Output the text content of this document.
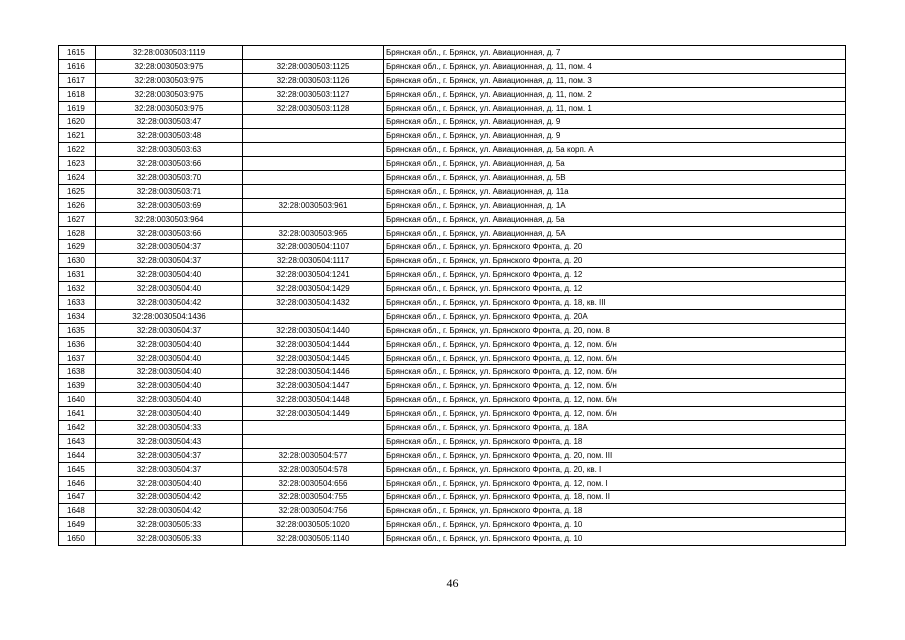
1615	32:28:0030503:1119		Брянская обл., г. Брянск, ул. Авиационная, д. 7
1616	32:28:0030503:975	32:28:0030503:1125	Брянская обл., г. Брянск, ул. Авиационная, д. 11, пом. 4
1617	32:28:0030503:975	32:28:0030503:1126	Брянская обл., г. Брянск, ул. Авиационная, д. 11, пом. 3
1618	32:28:0030503:975	32:28:0030503:1127	Брянская обл., г. Брянск, ул. Авиационная, д. 11, пом. 2
1619	32:28:0030503:975	32:28:0030503:1128	Брянская обл., г. Брянск, ул. Авиационная, д. 11, пом. 1
1620	32:28:0030503:47		Брянская обл., г. Брянск, ул. Авиационная, д. 9
1621	32:28:0030503:48		Брянская обл., г. Брянск, ул. Авиационная, д. 9
1622	32:28:0030503:63		Брянская обл., г. Брянск, ул. Авиационная, д. 5а корп. А
1623	32:28:0030503:66		Брянская обл., г. Брянск, ул. Авиационная, д. 5а
1624	32:28:0030503:70		Брянская обл., г. Брянск, ул. Авиационная, д. 5В
1625	32:28:0030503:71		Брянская обл., г. Брянск, ул. Авиационная, д. 11а
1626	32:28:0030503:69	32:28:0030503:961	Брянская обл., г. Брянск, ул. Авиационная, д. 1А
1627	32:28:0030503:964		Брянская обл., г. Брянск, ул. Авиационная, д. 5а
1628	32:28:0030503:66	32:28:0030503:965	Брянская обл., г. Брянск, ул. Авиационная, д. 5А
1629	32:28:0030504:37	32:28:0030504:1107	Брянская обл., г. Брянск, ул. Брянского Фронта, д. 20
1630	32:28:0030504:37	32:28:0030504:1117	Брянская обл., г. Брянск, ул. Брянского Фронта, д. 20
1631	32:28:0030504:40	32:28:0030504:1241	Брянская обл., г. Брянск, ул. Брянского Фронта, д. 12
1632	32:28:0030504:40	32:28:0030504:1429	Брянская обл., г. Брянск, ул. Брянского Фронта, д. 12
1633	32:28:0030504:42	32:28:0030504:1432	Брянская обл., г. Брянск, ул. Брянского Фронта, д. 18, кв. III
1634	32:28:0030504:1436		Брянская обл., г. Брянск, ул. Брянского Фронта, д. 20А
1635	32:28:0030504:37	32:28:0030504:1440	Брянская обл., г. Брянск, ул. Брянского Фронта, д. 20, пом. 8
1636	32:28:0030504:40	32:28:0030504:1444	Брянская обл., г. Брянск, ул. Брянского Фронта, д. 12, пом. б/н
1637	32:28:0030504:40	32:28:0030504:1445	Брянская обл., г. Брянск, ул. Брянского Фронта, д. 12, пом. б/н
1638	32:28:0030504:40	32:28:0030504:1446	Брянская обл., г. Брянск, ул. Брянского Фронта, д. 12, пом. б/н
1639	32:28:0030504:40	32:28:0030504:1447	Брянская обл., г. Брянск, ул. Брянского Фронта, д. 12, пом. б/н
1640	32:28:0030504:40	32:28:0030504:1448	Брянская обл., г. Брянск, ул. Брянского Фронта, д. 12, пом. б/н
1641	32:28:0030504:40	32:28:0030504:1449	Брянская обл., г. Брянск, ул. Брянского Фронта, д. 12, пом. б/н
1642	32:28:0030504:33		Брянская обл., г. Брянск, ул. Брянского Фронта, д. 18А
1643	32:28:0030504:43		Брянская обл., г. Брянск, ул. Брянского Фронта, д. 18
1644	32:28:0030504:37	32:28:0030504:577	Брянская обл., г. Брянск, ул. Брянского Фронта, д. 20, пом. III
1645	32:28:0030504:37	32:28:0030504:578	Брянская обл., г. Брянск, ул. Брянского Фронта, д. 20, кв. I
1646	32:28:0030504:40	32:28:0030504:656	Брянская обл., г. Брянск, ул. Брянского Фронта, д. 12, пом. I
1647	32:28:0030504:42	32:28:0030504:755	Брянская обл., г. Брянск, ул. Брянского Фронта, д. 18, пом. II
1648	32:28:0030504:42	32:28:0030504:756	Брянская обл., г. Брянск, ул. Брянского Фронта, д. 18
1649	32:28:0030505:33	32:28:0030505:1020	Брянская обл., г. Брянск, ул. Брянского Фронта, д. 10
1650	32:28:0030505:33	32:28:0030505:1140	Брянская обл., г. Брянск, ул. Брянского Фронта, д. 10
46
